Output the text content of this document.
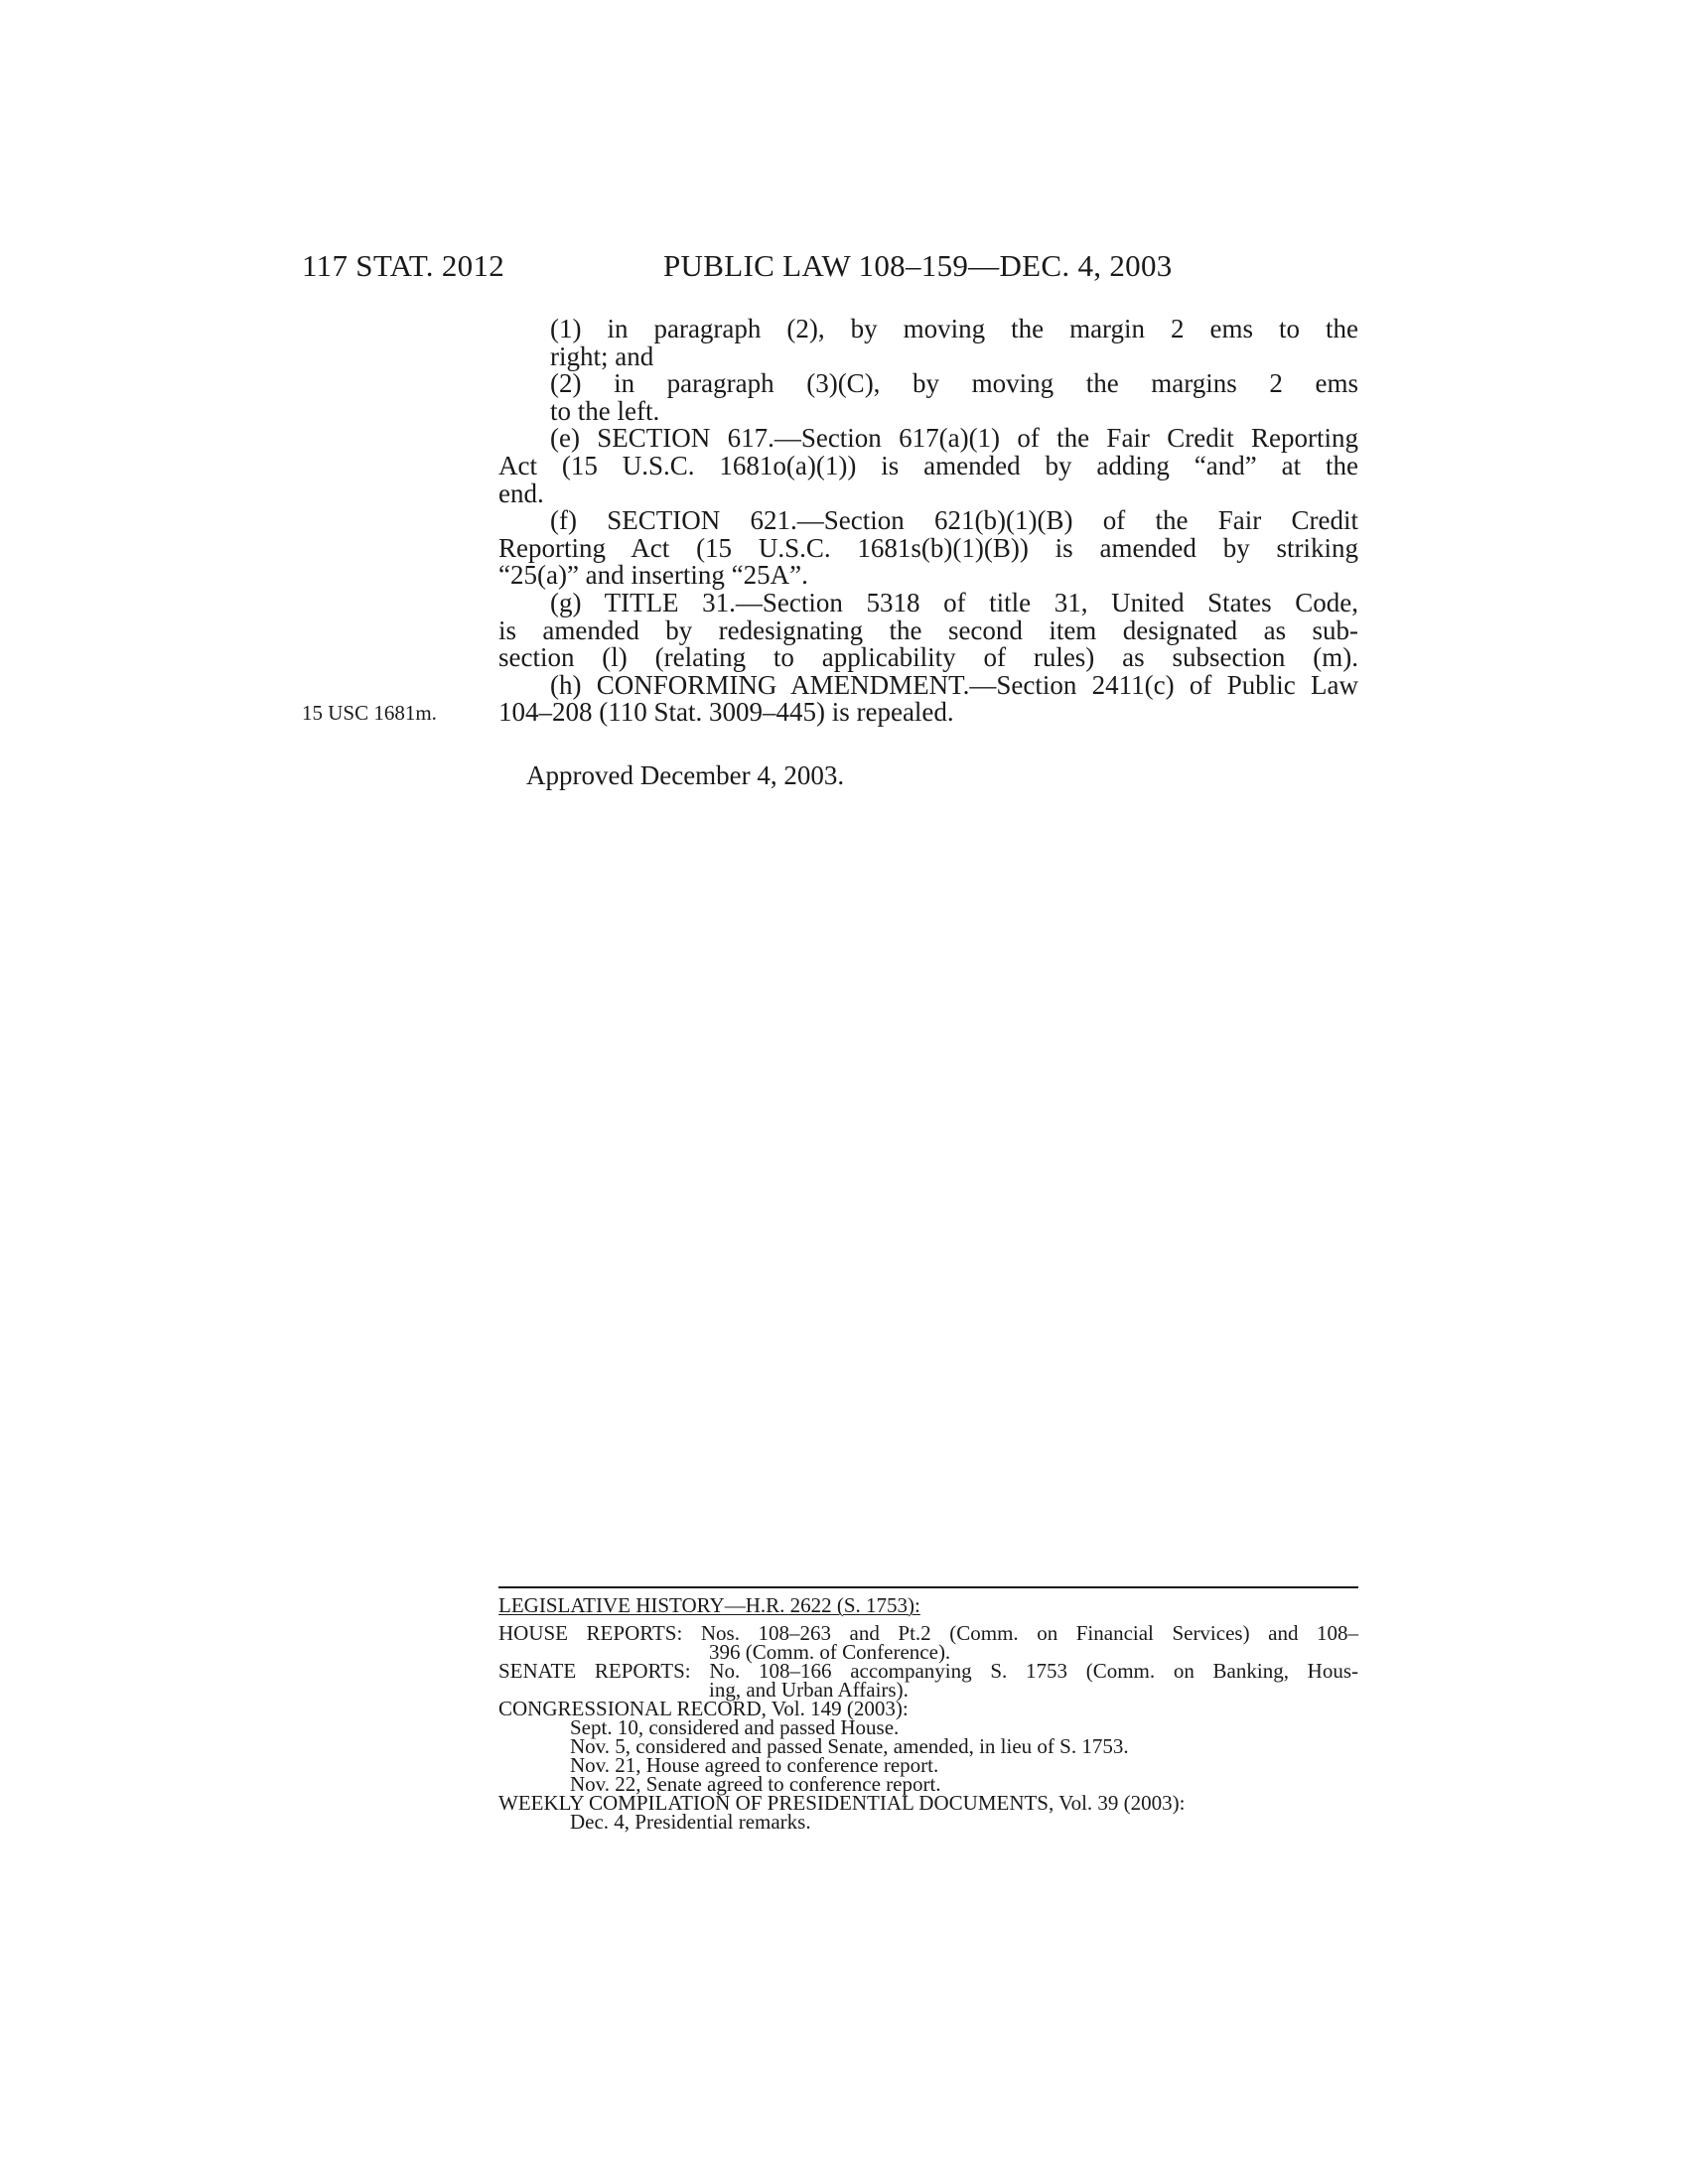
117 STAT. 2012	PUBLIC LAW 108–159—DEC. 4, 2003
(1) in paragraph (2), by moving the margin 2 ems to the
right; and
(2) in paragraph (3)(C), by moving the margins 2 ems
to the left.
(e) SECTION 617.—Section 617(a)(1) of the Fair Credit Reporting
Act (15 U.S.C. 1681o(a)(1)) is amended by adding “and” at the
end.
(f) SECTION 621.—Section 621(b)(1)(B) of the Fair Credit
Reporting Act (15 U.S.C. 1681s(b)(1)(B)) is amended by striking
“25(a)” and inserting “25A”.
(g) TITLE 31.—Section 5318 of title 31, United States Code,
is amended by redesignating the second item designated as sub-
section (l) (relating to applicability of rules) as subsection (m).
(h) CONFORMING AMENDMENT.—Section 2411(c) of Public Law
104–208 (110 Stat. 3009–445) is repealed.
15 USC 1681m.
Approved December 4, 2003.
LEGISLATIVE HISTORY—H.R. 2622 (S. 1753):
HOUSE REPORTS: Nos. 108–263 and Pt.2 (Comm. on Financial Services) and 108–
396 (Comm. of Conference).
SENATE REPORTS: No. 108–166 accompanying S. 1753 (Comm. on Banking, Hous-
ing, and Urban Affairs).
CONGRESSIONAL RECORD, Vol. 149 (2003):
Sept. 10, considered and passed House.
Nov. 5, considered and passed Senate, amended, in lieu of S. 1753.
Nov. 21, House agreed to conference report.
Nov. 22, Senate agreed to conference report.
WEEKLY COMPILATION OF PRESIDENTIAL DOCUMENTS, Vol. 39 (2003):
Dec. 4, Presidential remarks.
